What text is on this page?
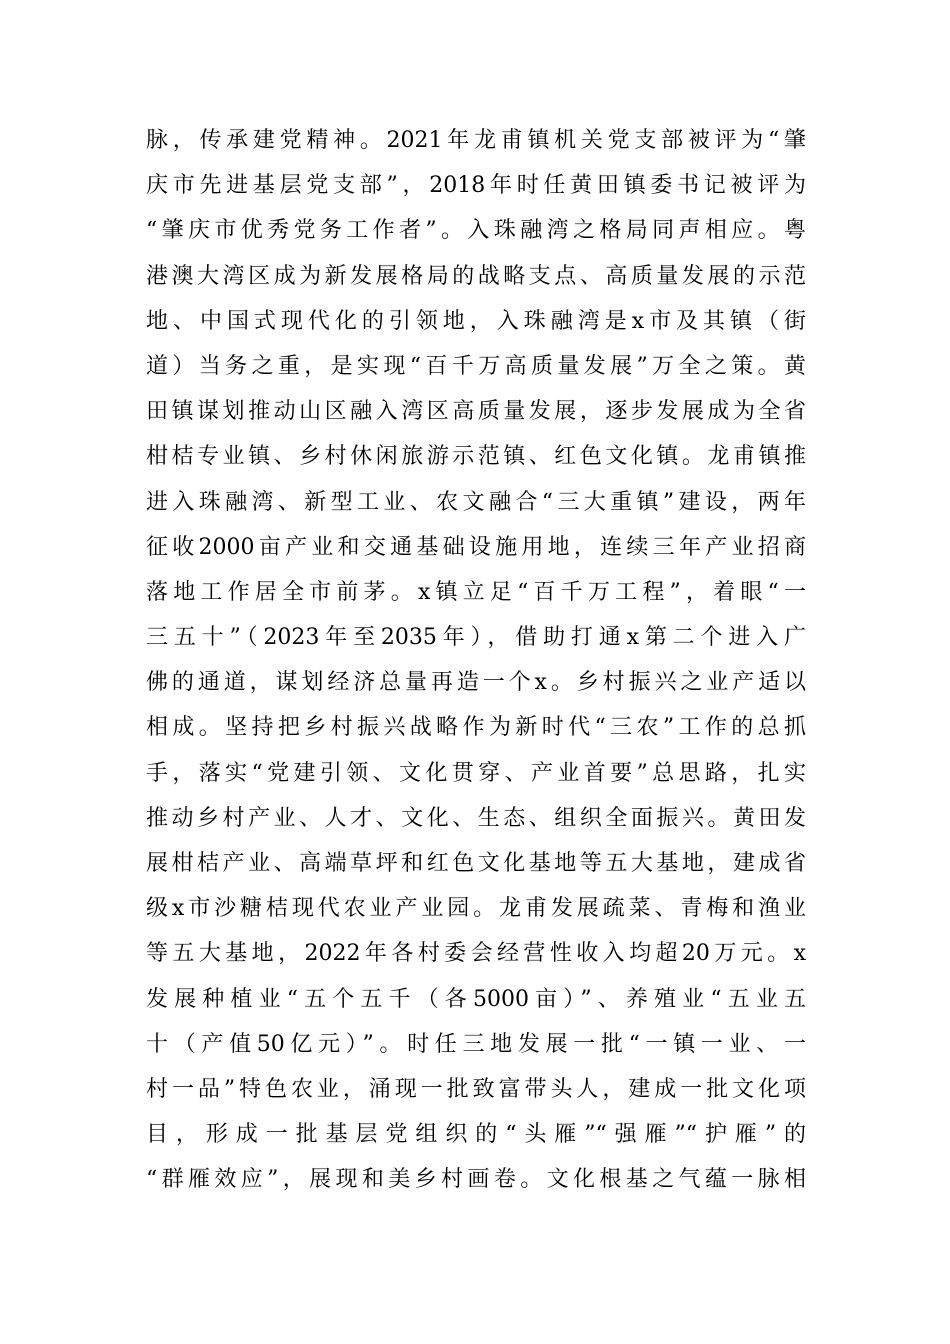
脉，传承建党精神。2021年龙甫镇机关党支部被评为“肇
庆市先进基层党支部”，2018年时任黄田镇委书记被评为
“肇庆市优秀党务工作者”。入珠融湾之格局同声相应。粤
港澳大湾区成为新发展格局的战略支点、高质量发展的示范
地、中国式现代化的引领地，入珠融湾是x市及其镇（街
道）当务之重，是实现“百千万高质量发展”万全之策。黄
田镇谋划推动山区融入湾区高质量发展，逐步发展成为全省
柑桔专业镇、乡村休闲旅游示范镇、红色文化镇。龙甫镇推
进入珠融湾、新型工业、农文融合“三大重镇”建设，两年
征收2000亩产业和交通基础设施用地，连续三年产业招商
落地工作居全市前茅。x镇立足“百千万工程”，着眼“一
三五十”（2023年至2035年），借助打通x第二个进入广
佛的通道，谋划经济总量再造一个x。乡村振兴之业产适以
相成。坚持把乡村振兴战略作为新时代“三农”工作的总抓
手，落实“党建引领、文化贯穿、产业首要”总思路，扎实
推动乡村产业、人才、文化、生态、组织全面振兴。黄田发
展柑桔产业、高端草坪和红色文化基地等五大基地，建成省
级x市沙糖桔现代农业产业园。龙甫发展疏菜、青梅和渔业
等五大基地，2022年各村委会经营性收入均超20万元。x
发展种植业“五个五千（各5000亩）”、养殖业“五业五
十（产值50亿元）”。时任三地发展一批“一镇一业、一
村一品”特色农业，涌现一批致富带头人，建成一批文化项
目，形成一批基层党组织的“头雁”“强雁”“护雁”的
“群雁效应”，展现和美乡村画卷。文化根基之气蕴一脉相
